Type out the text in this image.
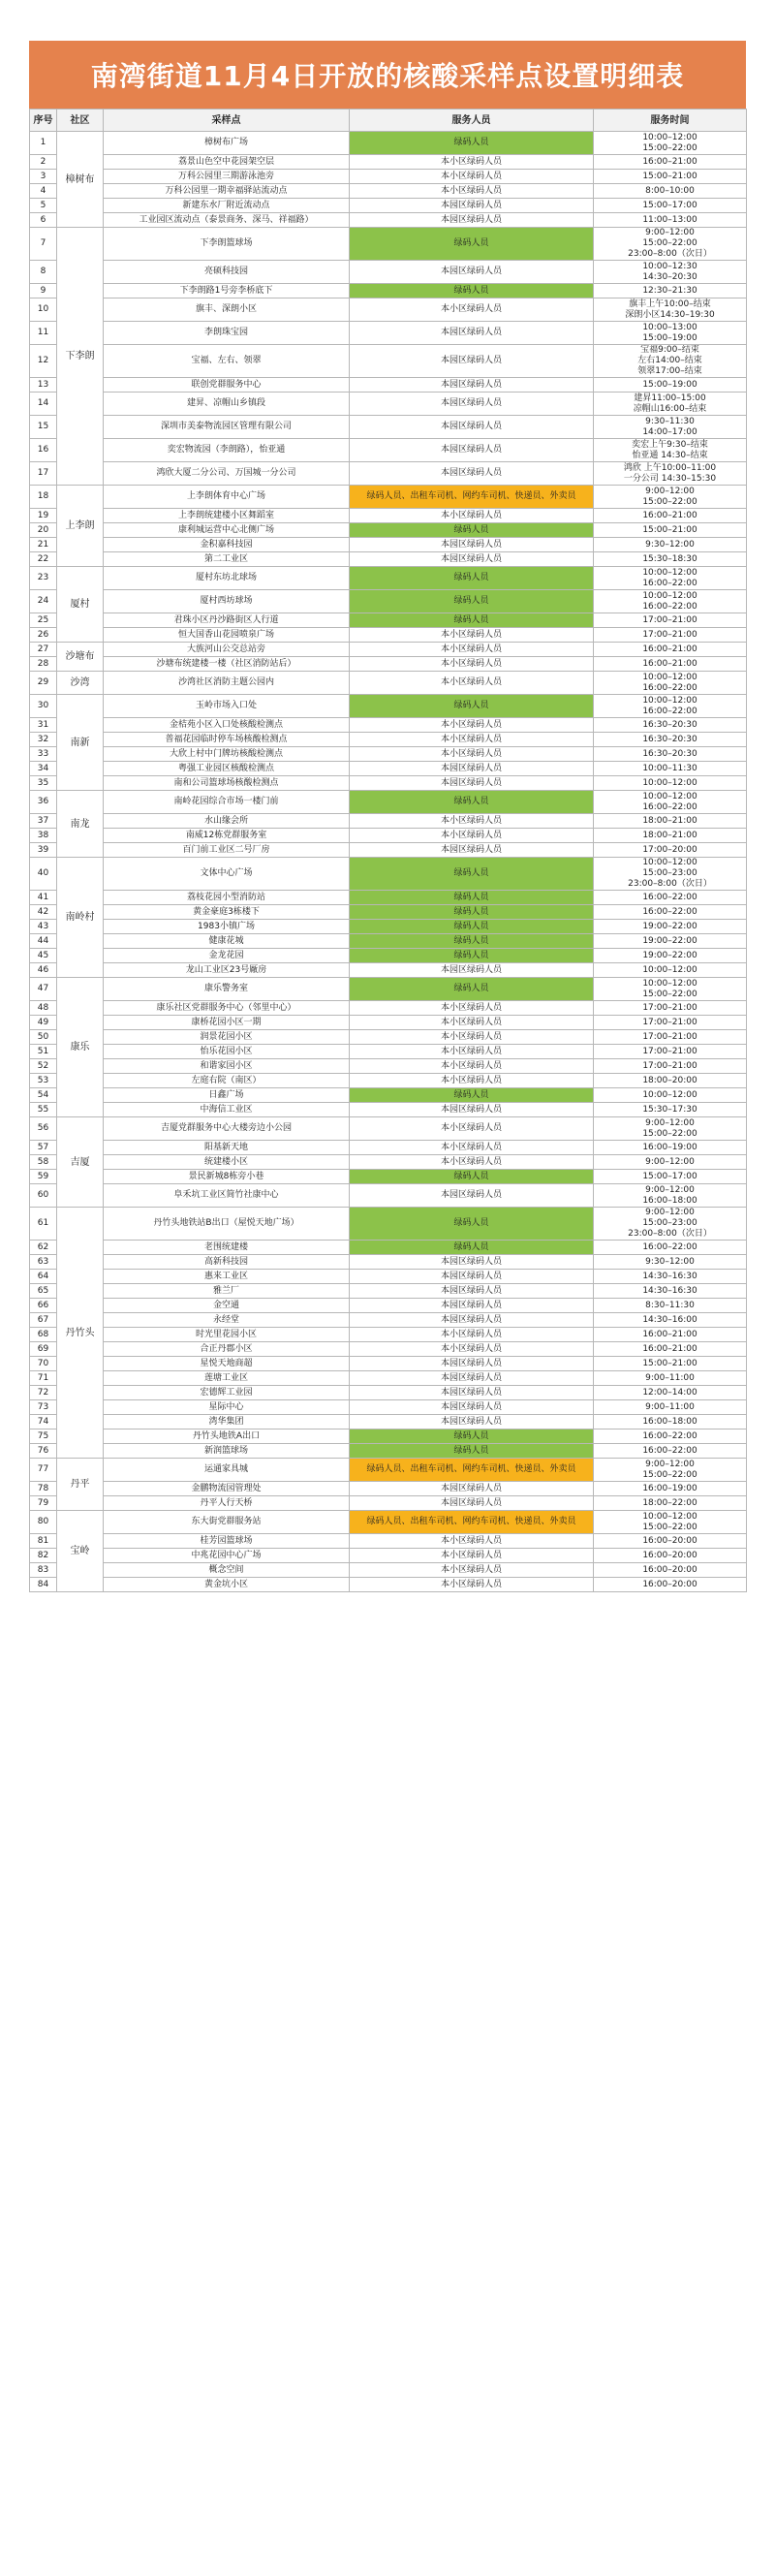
南湾街道11月4日开放的核酸采样点设置明细表
序号	社区	采样点	服务人员	服务时间
1	樟树布	樟树布广场	绿码人员	10:00–12:00
15:00–22:00
2		荔景山色空中花园架空层	本小区绿码人员	16:00–21:00
3		万科公园里三期游泳池旁	本小区绿码人员	15:00–21:00
4		万科公园里一期幸福驿站流动点	本小区绿码人员	8:00–10:00
5		新建东水厂附近流动点	本园区绿码人员	15:00–17:00
6		工业园区流动点（泰景商务、深马、祥福路）	本园区绿码人员	11:00–13:00
7	下李朗	下李朗篮球场	绿码人员	9:00–12:00
15:00–22:00
23:00–8:00（次日）
8		亮硕科技园	本园区绿码人员	10:00–12:30
14:30–20:30
9		下李朗路1号旁李桥底下	绿码人员	12:30–21:30
10		旗丰、深朗小区	本小区绿码人员	旗丰上午10:00–结束
深朗小区14:30–19:30
11		李朗珠宝园	本园区绿码人员	10:00–13:00
15:00–19:00
12		宝福、左右、领翠	本园区绿码人员	宝福9:00–结束
左右14:00–结束
领翠17:00–结束
13		联创党群服务中心	本园区绿码人员	15:00–19:00
14		建昇、凉帽山乡镇段	本园区绿码人员	建昇11:00–15:00
凉帽山16:00–结束
15		深圳市美泰物流园区管理有限公司	本园区绿码人员	9:30–11:30
14:00–17:00
16		奕宏物流园（李朗路），怡亚通	本园区绿码人员	奕宏上午9:30–结束
怡亚通 14:30–结束
17		鸿欣大厦二分公司、万国城一分公司	本园区绿码人员	鸿欣 上午10:00–11:00
一分公司 14:30–15:30
18	上李朗	上李朗体育中心广场	绿码人员、出租车司机、网约车司机、快递员、外卖员	9:00–12:00
15:00–22:00
19		上李朗统建楼小区舞蹈室	本小区绿码人员	16:00–21:00
20		康利城运营中心北侧广场	绿码人员	15:00–21:00
21		金积嘉科技园	本园区绿码人员	9:30–12:00
22		第二工业区	本园区绿码人员	15:30–18:30
23	厦村	厦村东坊北球场	绿码人员	10:00–12:00
16:00–22:00
24		厦村西坊球场	绿码人员	10:00–12:00
16:00–22:00
25		君珠小区丹沙路街区人行道	绿码人员	17:00–21:00
26		恒大国香山花园喷泉广场	本小区绿码人员	17:00–21:00
27	沙塘布	大族河山公交总站旁	本小区绿码人员	16:00–21:00
28		沙塘布统建楼一楼（社区消防站后）	本小区绿码人员	16:00–21:00
29	沙湾	沙湾社区消防主题公园内	本小区绿码人员	10:00–12:00
16:00–22:00
30	南新	玉岭市场入口处	绿码人员	10:00–12:00
16:00–22:00
31		金桔苑小区入口处核酸检测点	本小区绿码人员	16:30–20:30
32		普福花园临时停车场核酸检测点	本小区绿码人员	16:30–20:30
33		大欣上村中门牌坊核酸检测点	本小区绿码人员	16:30–20:30
34		粤强工业园区核酸检测点	本园区绿码人员	10:00–11:30
35		南和公司篮球场核酸检测点	本园区绿码人员	10:00–12:00
36	南龙	南岭花园综合市场一楼门前	绿码人员	10:00–12:00
16:00–22:00
37		水山缘会所	本小区绿码人员	18:00–21:00
38		南威12栋党群服务室	本小区绿码人员	18:00–21:00
39		百门前工业区二号厂房	本园区绿码人员	17:00–20:00
40	南岭村	文体中心广场	绿码人员	10:00–12:00
15:00–23:00
23:00–8:00（次日）
41		荔枝花园小型消防站	绿码人员	16:00–22:00
42		黄金豪庭3栋楼下	绿码人员	16:00–22:00
43		1983小镇广场	绿码人员	19:00–22:00
44		健康花城	绿码人员	19:00–22:00
45		金龙花园	绿码人员	19:00–22:00
46		龙山工业区23号厰房	本园区绿码人员	10:00–12:00
47	康乐	康乐警务室	绿码人员	10:00–12:00
15:00–22:00
48		康乐社区党群服务中心（邻里中心）	本小区绿码人员	17:00–21:00
49		康桥花园小区一期	本小区绿码人员	17:00–21:00
50		润景花园小区	本小区绿码人员	17:00–21:00
51		怡乐花园小区	本小区绿码人员	17:00–21:00
52		和谐家园小区	本小区绿码人员	17:00–21:00
53		左庭右院（南区）	本小区绿码人员	18:00–20:00
54		日鑫广场	绿码人员	10:00–12:00
55		中海信工业区	本园区绿码人员	15:30–17:30
56	吉厦	吉厦党群服务中心大楼旁边小公园	本小区绿码人员	9:00–12:00
15:00–22:00
57		阳基新天地	本小区绿码人员	16:00–19:00
58		统建楼小区	本小区绿码人员	9:00–12:00
59		景民新城8栋旁小巷	绿码人员	15:00–17:00
60		阜禾坑工业区简竹社康中心	本园区绿码人员	9:00–12:00
16:00–18:00
61	丹竹头	丹竹头地铁站B出口（屋悦天地广场）	绿码人员	9:00–12:00
15:00–23:00
23:00–8:00（次日）
62		老围统建楼	绿码人员	16:00–22:00
63		高新科技园	本园区绿码人员	9:30–12:00
64		惠来工业区	本园区绿码人员	14:30–16:30
65		雅兰厂	本园区绿码人员	14:30–16:30
66		金空通	本园区绿码人员	8:30–11:30
67		永经堂	本园区绿码人员	14:30–16:00
68		时光里花园小区	本小区绿码人员	16:00–21:00
69		合正丹郡小区	本小区绿码人员	16:00–21:00
70		星悦天地商超	本园区绿码人员	15:00–21:00
71		莲塘工业区	本园区绿码人员	9:00–11:00
72		宏德辉工业园	本园区绿码人员	12:00–14:00
73		星际中心	本园区绿码人员	9:00–11:00
74		湾华集团	本园区绿码人员	16:00–18:00
75		丹竹头地铁A出口	绿码人员	16:00–22:00
76		新润篮球场	绿码人员	16:00–22:00
77	丹平	运通家具城	绿码人员、出租车司机、网约车司机、快递员、外卖员	9:00–12:00
15:00–22:00
78		金鹏物流园管理处	本园区绿码人员	16:00–19:00
79		丹平人行天桥	本园区绿码人员	18:00–22:00
80	宝岭	东大街党群服务站	绿码人员、出租车司机、网约车司机、快递员、外卖员	10:00–12:00
15:00–22:00
81		桂芳园篮球场	本小区绿码人员	16:00–20:00
82		中兆花园中心广场	本小区绿码人员	16:00–20:00
83		概念空间	本小区绿码人员	16:00–20:00
84		黄金坑小区	本小区绿码人员	16:00–20:00
